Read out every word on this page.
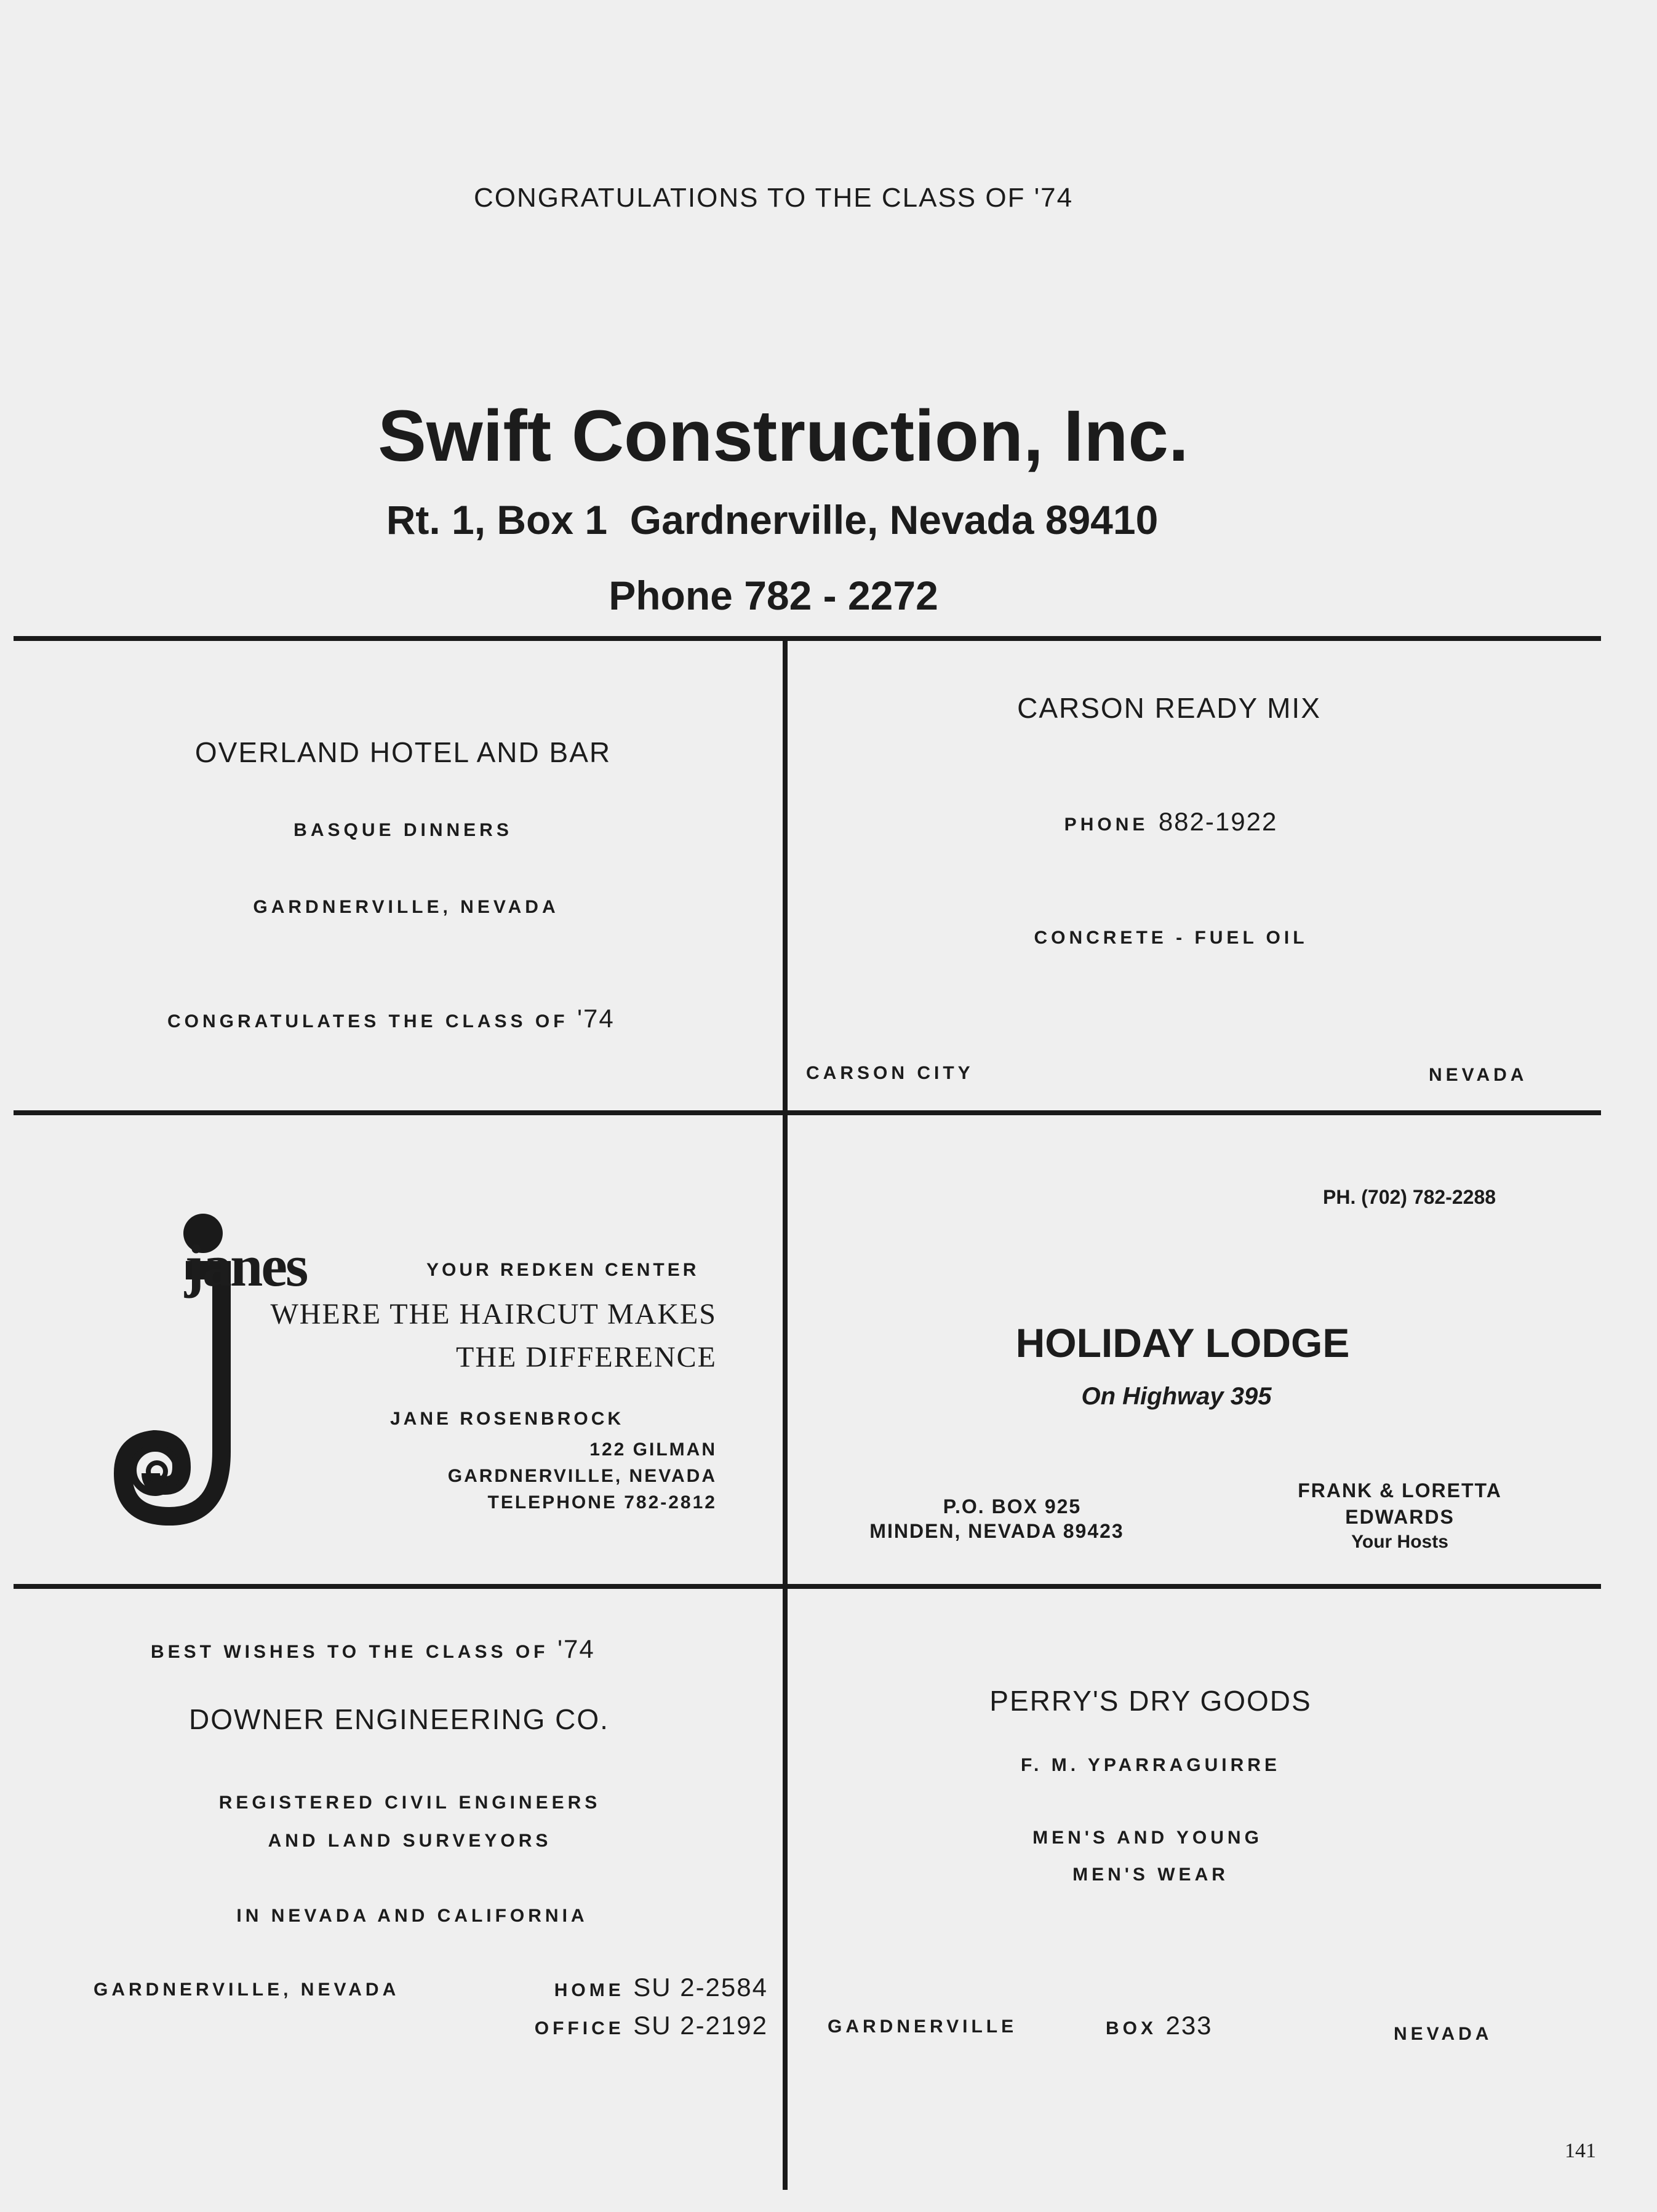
CONGRATULATIONS TO THE CLASS OF '74
Swift Construction, Inc.
Rt. 1, Box 1  Gardnerville, Nevada 89410
Phone 782 - 2272
OVERLAND HOTEL AND BAR
BASQUE DINNERS
GARDNERVILLE, NEVADA
CONGRATULATES THE CLASS OF '74
CARSON READY MIX
PHONE 882-1922
CONCRETE - FUEL OIL
CARSON CITY	NEVADA
janes	YOUR REDKEN CENTER
WHERE THE HAIRCUT MAKES
THE DIFFERENCE
JANE ROSENBROCK
122 GILMAN
GARDNERVILLE, NEVADA
TELEPHONE 782-2812
PH. (702) 782-2288
HOLIDAY LODGE
On Highway 395
P.O. BOX 925
MINDEN, NEVADA 89423
FRANK & LORETTA
EDWARDS
Your Hosts
BEST WISHES TO THE CLASS OF '74
DOWNER ENGINEERING CO.
REGISTERED CIVIL ENGINEERS
AND LAND SURVEYORS
IN NEVADA AND CALIFORNIA
GARDNERVILLE, NEVADA	HOME SU 2-2584
OFFICE SU 2-2192
PERRY'S DRY GOODS
F. M. YPARRAGUIRRE
MEN'S AND YOUNG
MEN'S WEAR
GARDNERVILLE	BOX 233	NEVADA
141
